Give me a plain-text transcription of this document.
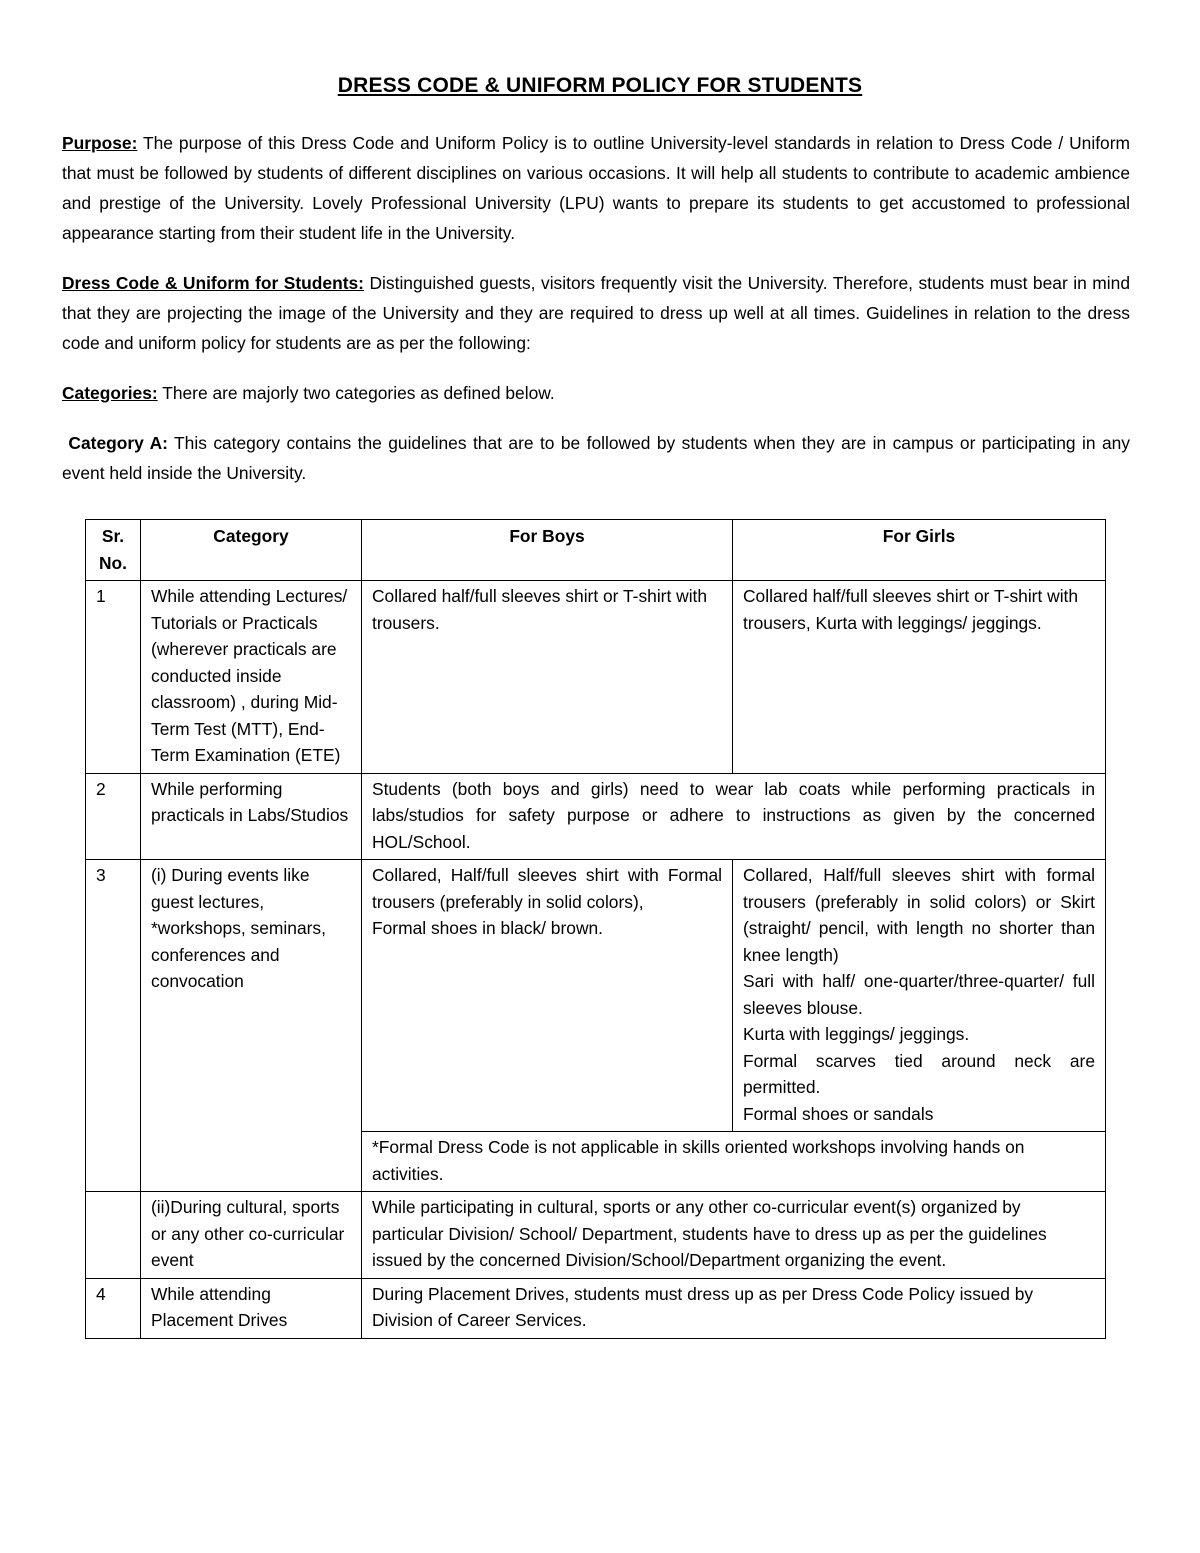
DRESS CODE & UNIFORM POLICY FOR STUDENTS
Purpose: The purpose of this Dress Code and Uniform Policy is to outline University-level standards in relation to Dress Code / Uniform that must be followed by students of different disciplines on various occasions. It will help all students to contribute to academic ambience and prestige of the University. Lovely Professional University (LPU) wants to prepare its students to get accustomed to professional appearance starting from their student life in the University.
Dress Code & Uniform for Students: Distinguished guests, visitors frequently visit the University. Therefore, students must bear in mind that they are projecting the image of the University and they are required to dress up well at all times. Guidelines in relation to the dress code and uniform policy for students are as per the following:
Categories: There are majorly two categories as defined below.
Category A: This category contains the guidelines that are to be followed by students when they are in campus or participating in any event held inside the University.
Sr. No.	Category	For Boys	For Girls
1	While attending Lectures/ Tutorials or Practicals (wherever practicals are conducted inside classroom) , during Mid-Term Test (MTT), End-Term Examination (ETE)	Collared half/full sleeves shirt or T-shirt with trousers.	Collared half/full sleeves shirt or T-shirt with trousers, Kurta with leggings/ jeggings.
2	While performing practicals in Labs/Studios	Students (both boys and girls) need to wear lab coats while performing practicals in labs/studios for safety purpose or adhere to instructions as given by the concerned HOL/School.	
3	(i) During events like guest lectures, *workshops, seminars, conferences and convocation	Collared, Half/full sleeves shirt with Formal trousers (preferably in solid colors),
Formal shoes in black/ brown.	Collared, Half/full sleeves shirt with formal trousers (preferably in solid colors) or Skirt (straight/ pencil, with length no shorter than knee length)
Sari with half/ one-quarter/three-quarter/ full sleeves blouse.
Kurta with leggings/ jeggings.
Formal scarves tied around neck are permitted.
Formal shoes or sandals

		*Formal Dress Code is not applicable in skills oriented workshops involving hands on activities.	
	(ii)During cultural, sports or any other co-curricular event	While participating in cultural, sports or any other co-curricular event(s) organized by particular Division/ School/ Department, students have to dress up as per the guidelines issued by the concerned Division/School/Department organizing the event.	
4	While attending Placement Drives	During Placement Drives, students must dress up as per Dress Code Policy issued by Division of Career Services.	
